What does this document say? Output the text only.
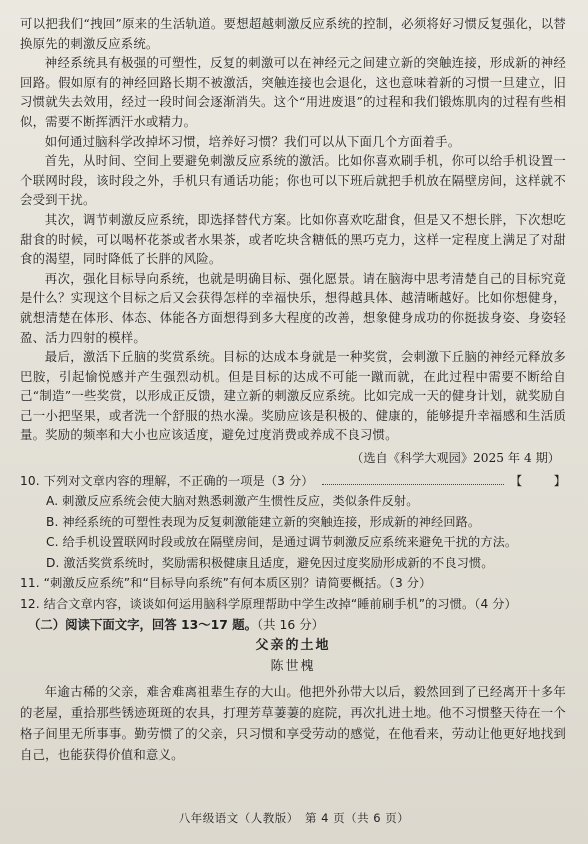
可以把我们“拽回”原来的生活轨道。要想超越刺激反应系统的控制，必须将好习惯反复强化，以替换原先的刺激反应系统。

神经系统具有极强的可塑性，反复的刺激可以在神经元之间建立新的突触连接，形成新的神经回路。假如原有的神经回路长期不被激活，突触连接也会退化，这也意味着新的习惯一旦建立，旧习惯就失去效用，经过一段时间会逐渐消失。这个“用进废退”的过程和我们锻炼肌肉的过程有些相似，需要不断挥洒汗水或精力。

如何通过脑科学改掉坏习惯，培养好习惯？我们可以从下面几个方面着手。

首先，从时间、空间上要避免刺激反应系统的激活。比如你喜欢刷手机，你可以给手机设置一个联网时段，该时段之外，手机只有通话功能；你也可以下班后就把手机放在隔壁房间，这样就不会受到干扰。

其次，调节刺激反应系统，即选择替代方案。比如你喜欢吃甜食，但是又不想长胖，下次想吃甜食的时候，可以喝杯花茶或者水果茶，或者吃块含糖低的黑巧克力，这样一定程度上满足了对甜食的渴望，同时降低了长胖的风险。

再次，强化目标导向系统，也就是明确目标、强化愿景。请在脑海中思考清楚自己的目标究竟是什么？实现这个目标之后又会获得怎样的幸福快乐，想得越具体、越清晰越好。比如你想健身，就想清楚在体形、体态、体能各方面想得到多大程度的改善，想象健身成功的你挺拔身姿、身姿轻盈、活力四射的模样。

最后，激活下丘脑的奖赏系统。目标的达成本身就是一种奖赏，会刺激下丘脑的神经元释放多巴胺，引起愉悦感并产生强烈动机。但是目标的达成不可能一蹴而就，在此过程中需要不断给自己“制造”一些奖赏，以形成正反馈，建立新的刺激反应系统。比如完成一天的健身计划，就奖励自己一小把坚果，或者洗一个舒服的热水澡。奖励应该是积极的、健康的，能够提升幸福感和生活质量。奖励的频率和大小也应该适度，避免过度消费或养成不良习惯。

（选自《科学大观园》2025 年 4 期）

10. 下列对文章内容的理解，不正确的一项是（3 分）	【	】

A. 刺激反应系统会使大脑对熟悉刺激产生惯性反应，类似条件反射。

B. 神经系统的可塑性表现为反复刺激能建立新的突触连接，形成新的神经回路。

C. 给手机设置联网时段或放在隔壁房间，是通过调节刺激反应系统来避免干扰的方法。

D. 激活奖赏系统时，奖励需积极健康且适度，避免因过度奖励形成新的不良习惯。

11. “刺激反应系统”和“目标导向系统”有何本质区别？请简要概括。（3 分）

12. 结合文章内容，谈谈如何运用脑科学原理帮助中学生改掉“睡前刷手机”的习惯。（4 分）

（二）阅读下面文字，回答 13～17 题。（共 16 分）
父亲的土地
陈世槐

年逾古稀的父亲，难舍难离祖辈生存的大山。他把外孙带大以后，毅然回到了已经离开十多年的老屋，重拾那些锈迹斑斑的农具，打理芳草萋萋的庭院，再次扎进土地。他不习惯整天待在一个格子间里无所事事。勤劳惯了的父亲，只习惯和享受劳动的感觉，在他看来，劳动让他更好地找到自己，也能获得价值和意义。

八年级语文（人教版）　第 4 页（共 6 页）
